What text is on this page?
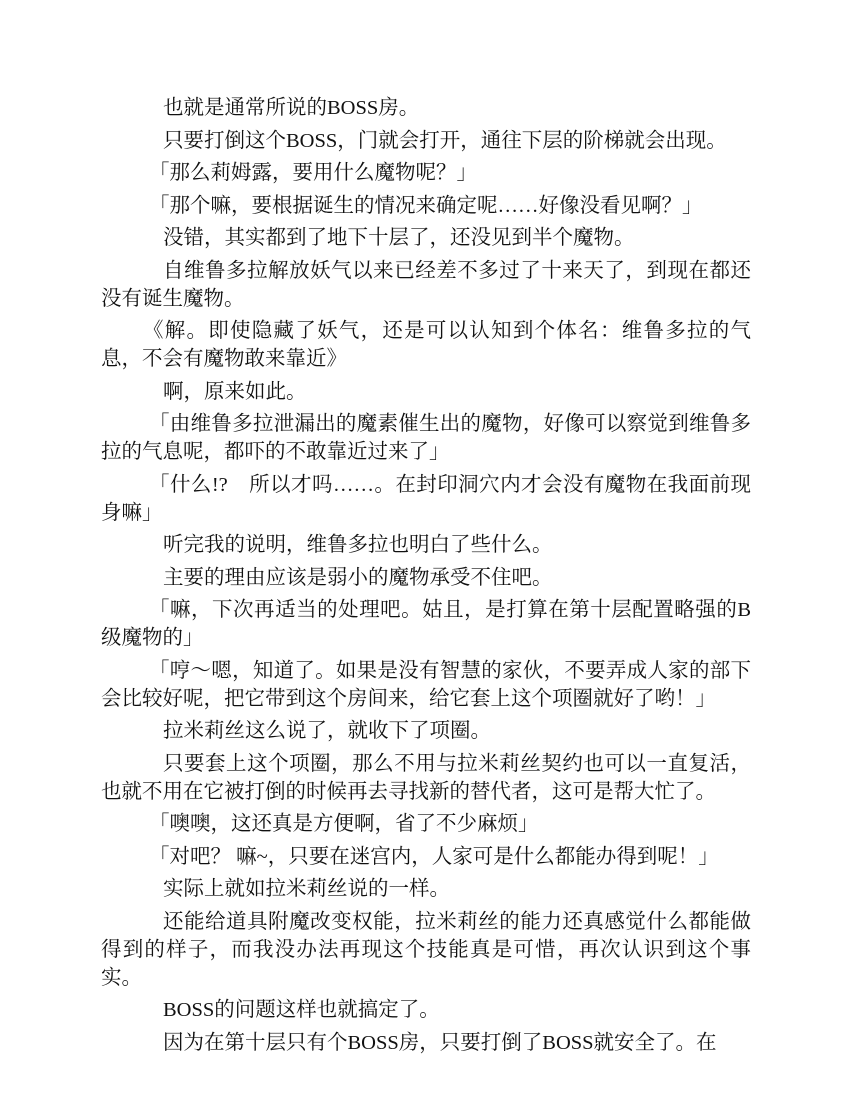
也就是通常所说的BOSS房。

只要打倒这个BOSS，门就会打开，通往下层的阶梯就会出现。

「那么莉姆露，要用什么魔物呢？」

「那个嘛，要根据诞生的情况来确定呢……好像没看见啊？」

没错，其实都到了地下十层了，还没见到半个魔物。

自维鲁多拉解放妖气以来已经差不多过了十来天了，到现在都还没有诞生魔物。

《解。即使隐藏了妖气，还是可以认知到个体名：维鲁多拉的气息，不会有魔物敢来靠近》

啊，原来如此。

「由维鲁多拉泄漏出的魔素催生出的魔物，好像可以察觉到维鲁多拉的气息呢，都吓的不敢靠近过来了」

「什么!?　所以才吗……。在封印洞穴内才会没有魔物在我面前现身嘛」

听完我的说明，维鲁多拉也明白了些什么。

主要的理由应该是弱小的魔物承受不住吧。

「嘛，下次再适当的处理吧。姑且，是打算在第十层配置略强的B级魔物的」

「哼～嗯，知道了。如果是没有智慧的家伙，不要弄成人家的部下会比较好呢，把它带到这个房间来，给它套上这个项圈就好了哟！」

拉米莉丝这么说了，就收下了项圈。

只要套上这个项圈，那么不用与拉米莉丝契约也可以一直复活，也就不用在它被打倒的时候再去寻找新的替代者，这可是帮大忙了。

「噢噢，这还真是方便啊，省了不少麻烦」

「对吧？ 嘛~，只要在迷宫内，人家可是什么都能办得到呢！」

实际上就如拉米莉丝说的一样。

还能给道具附魔改变权能，拉米莉丝的能力还真感觉什么都能做得到的样子，而我没办法再现这个技能真是可惜，再次认识到这个事实。

BOSS的问题这样也就搞定了。

因为在第十层只有个BOSS房，只要打倒了BOSS就安全了。在
